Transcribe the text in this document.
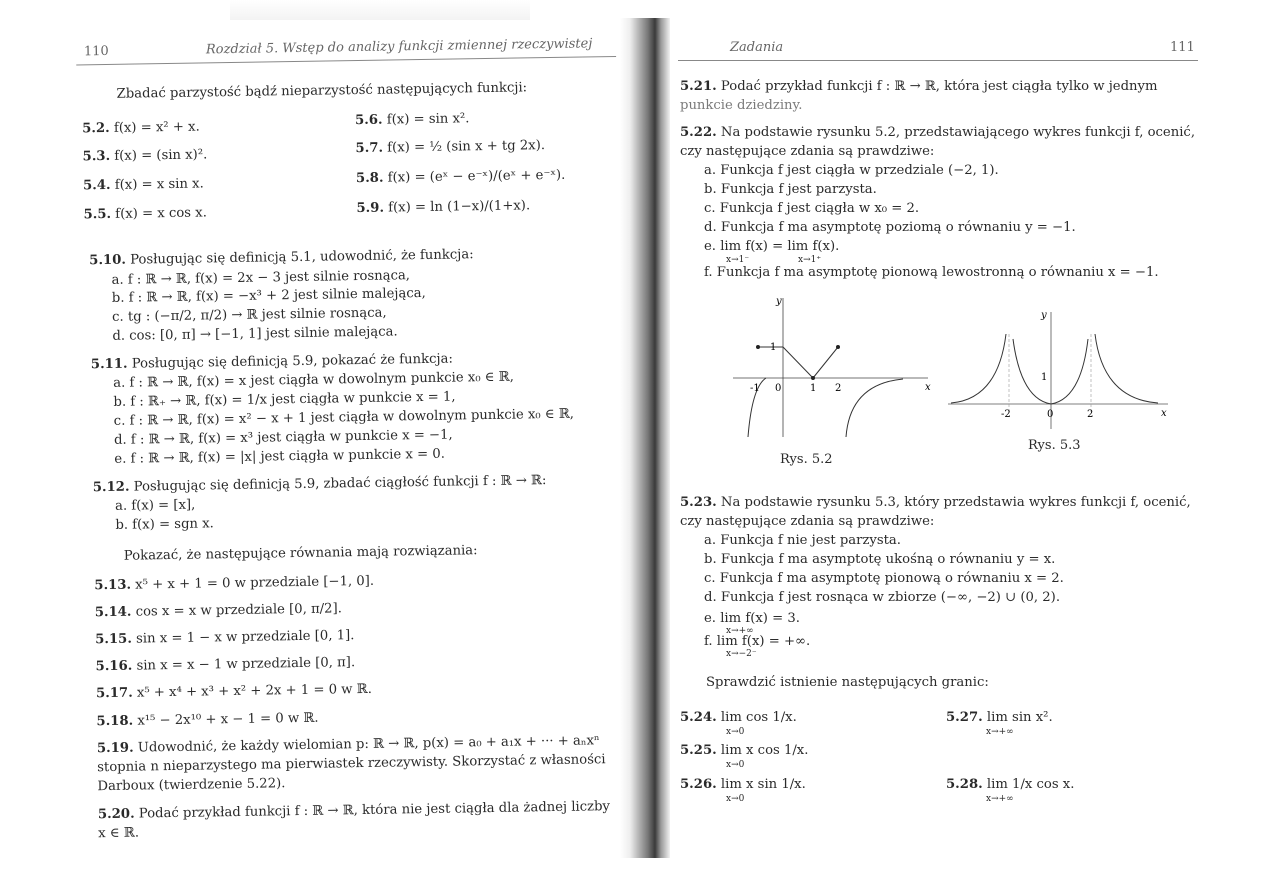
110	Rozdział 5. Wstęp do analizy funkcji zmiennej rzeczywistej
Zbadać parzystość bądź nieparzystość następujących funkcji:
5.2. f(x) = x² + x.	5.6. f(x) = sin x².
5.3. f(x) = (sin x)².	5.7. f(x) = ½ (sin x + tg 2x).
5.4. f(x) = x sin x.	5.8. f(x) = (eˣ − e⁻ˣ)/(eˣ + e⁻ˣ).
5.5. f(x) = x cos x.	5.9. f(x) = ln (1−x)/(1+x).
5.10. Posługując się definicją 5.1, udowodnić, że funkcja:
a. f : ℝ → ℝ, f(x) = 2x − 3 jest silnie rosnąca,
b. f : ℝ → ℝ, f(x) = −x³ + 2 jest silnie malejąca,
c. tg : (−π/2, π/2) → ℝ jest silnie rosnąca,
d. cos: [0, π] → [−1, 1] jest silnie malejąca.
5.11. Posługując się definicją 5.9, pokazać że funkcja:
a. f : ℝ → ℝ, f(x) = x jest ciągła w dowolnym punkcie x₀ ∈ ℝ,
b. f : ℝ₊ → ℝ, f(x) = 1/x jest ciągła w punkcie x = 1,
c. f : ℝ → ℝ, f(x) = x² − x + 1 jest ciągła w dowolnym punkcie x₀ ∈ ℝ,
d. f : ℝ → ℝ, f(x) = x³ jest ciągła w punkcie x = −1,
e. f : ℝ → ℝ, f(x) = |x| jest ciągła w punkcie x = 0.
5.12. Posługując się definicją 5.9, zbadać ciągłość funkcji f : ℝ → ℝ:
a. f(x) = [x],
b. f(x) = sgn x.
Pokazać, że następujące równania mają rozwiązania:
5.13. x⁵ + x + 1 = 0 w przedziale [−1, 0].
5.14. cos x = x w przedziale [0, π/2].
5.15. sin x = 1 − x w przedziale [0, 1].
5.16. sin x = x − 1 w przedziale [0, π].
5.17. x⁵ + x⁴ + x³ + x² + 2x + 1 = 0 w ℝ.
5.18. x¹⁵ − 2x¹⁰ + x − 1 = 0 w ℝ.
5.19. Udowodnić, że każdy wielomian p: ℝ → ℝ, p(x) = a₀ + a₁x + ··· + aₙxⁿ
stopnia n nieparzystego ma pierwiastek rzeczywisty. Skorzystać z własności
Darboux (twierdzenie 5.22).
5.20. Podać przykład funkcji f : ℝ → ℝ, która nie jest ciągła dla żadnej liczby
x ∈ ℝ.
Zadania	111
5.21. Podać przykład funkcji f : ℝ → ℝ, która jest ciągła tylko w jednym
punkcie dziedziny.
5.22. Na podstawie rysunku 5.2, przedstawiającego wykres funkcji f, ocenić,
czy następujące zdania są prawdziwe:
a. Funkcja f jest ciągła w przedziale (−2, 1).
b. Funkcja f jest parzysta.
c. Funkcja f jest ciągła w x₀ = 2.
d. Funkcja f ma asymptotę poziomą o równaniu y = −1.
e. lim f(x) = lim f(x).
x→1⁻	x→1⁺
f. Funkcja f ma asymptotę pionową lewostronną o równaniu x = −1.
-1 0	1 2
1
x
y
Rys. 5.2
-2	0	2
1
x
y
Rys. 5.3
5.23. Na podstawie rysunku 5.3, który przedstawia wykres funkcji f, ocenić,
czy następujące zdania są prawdziwe:
a. Funkcja f nie jest parzysta.
b. Funkcja f ma asymptotę ukośną o równaniu y = x.
c. Funkcja f ma asymptotę pionową o równaniu x = 2.
d. Funkcja f jest rosnąca w zbiorze (−∞, −2) ∪ (0, 2).
e. lim f(x) = 3.
x→+∞
f. lim f(x) = +∞.
x→−2⁻
Sprawdzić istnienie następujących granic:
5.24. lim cos 1/x.
x→0
5.27. lim sin x².
x→+∞
5.25. lim x cos 1/x.
x→0
5.26. lim x sin 1/x.
x→0
5.28. lim 1/x cos x.
x→+∞
